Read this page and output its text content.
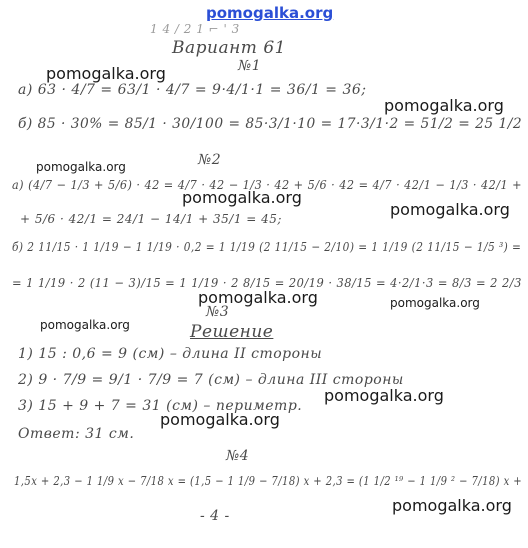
pomogalka.org
1 4 / 2 1 ⌐ ' 3
Вариант 61
№1
а) 63 · 4/7 = 63/1 · 4/7 = 9·4/1·1 = 36/1 = 36;
б) 85 · 30% = 85/1 · 30/100 = 85·3/1·10 = 17·3/1·2 = 51/2 = 25 1/2
№2
а) (4/7 − 1/3 + 5/6) · 42 = 4/7 · 42 − 1/3 · 42 + 5/6 · 42 = 4/7 · 42/1 − 1/3 · 42/1 +
+ 5/6 · 42/1 = 24/1 − 14/1 + 35/1 = 45;
б) 2 11/15 · 1 1/19 − 1 1/19 · 0,2 = 1 1/19 (2 11/15 − 2/10) = 1 1/19 (2 11/15 − 1/5 ³) =
= 1 1/19 · 2 (11 − 3)/15 = 1 1/19 · 2 8/15 = 20/19 · 38/15 = 4·2/1·3 = 8/3 = 2 2/3
№3
Решение
1) 15 : 0,6 = 9 (см) – длина II стороны
2) 9 · 7/9 = 9/1 · 7/9 = 7 (см) – длина III стороны
3) 15 + 9 + 7 = 31 (см) – периметр.
Ответ: 31 см.
№4
1,5x + 2,3 − 1 1/9 x − 7/18 x = (1,5 − 1 1/9 − 7/18) x + 2,3 = (1 1/2 ¹⁹ − 1 1/9 ² − 7/18) x +
- 4 -
pomogalka.org
pomogalka.org
pomogalka.org
pomogalka.org
pomogalka.org
pomogalka.org	pomogalka.org
pomogalka.org
pomogalka.org
pomogalka.org
pomogalka.org
